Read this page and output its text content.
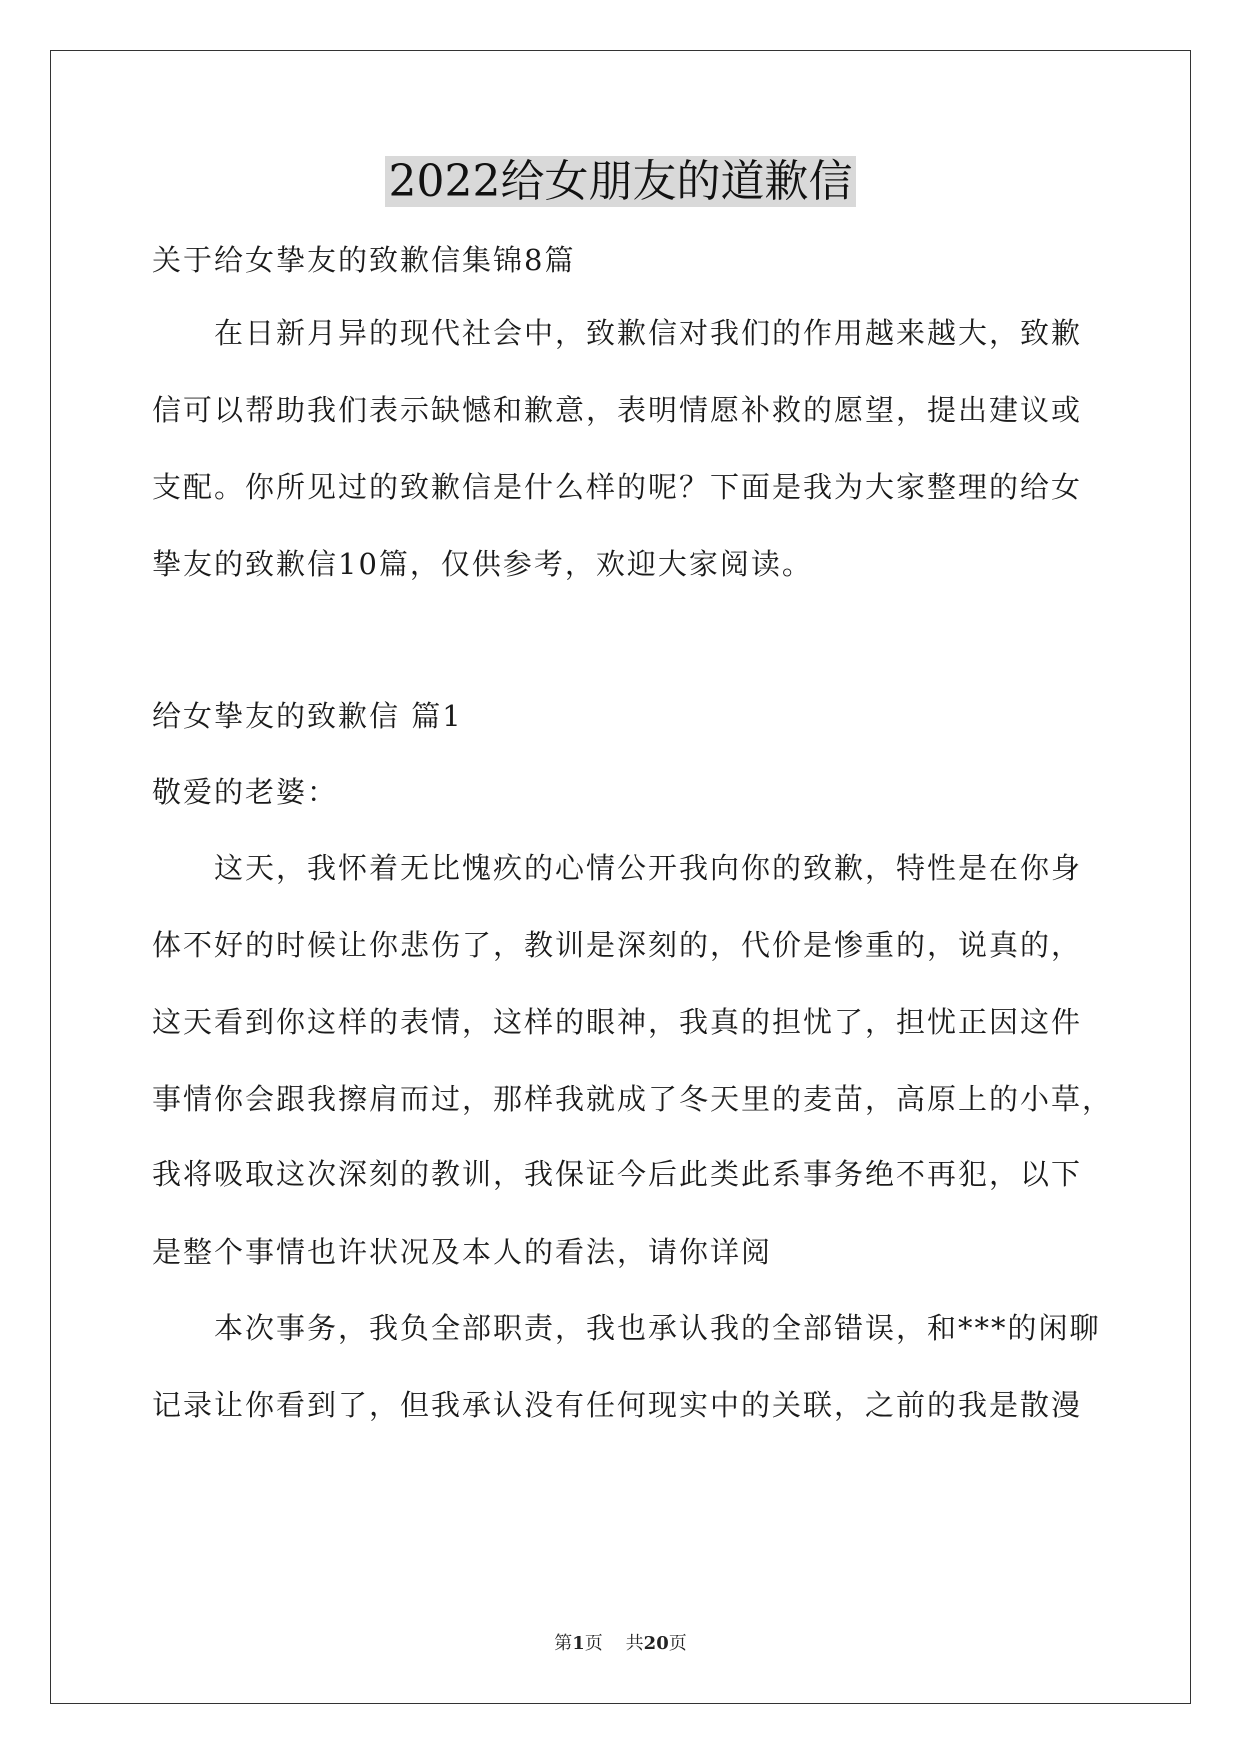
2022给女朋友的道歉信
关于给女挚友的致歉信集锦8篇
　　在日新月异的现代社会中，致歉信对我们的作用越来越大，致歉
信可以帮助我们表示缺憾和歉意，表明情愿补救的愿望，提出建议或
支配。你所见过的致歉信是什么样的呢？下面是我为大家整理的给女
挚友的致歉信10篇，仅供参考，欢迎大家阅读。
给女挚友的致歉信 篇1
敬爱的老婆：
　　这天，我怀着无比愧疚的心情公开我向你的致歉，特性是在你身
体不好的时候让你悲伤了，教训是深刻的，代价是惨重的，说真的，
这天看到你这样的表情，这样的眼神，我真的担忧了，担忧正因这件
事情你会跟我擦肩而过，那样我就成了冬天里的麦苗，高原上的小草，
我将吸取这次深刻的教训，我保证今后此类此系事务绝不再犯，以下
是整个事情也许状况及本人的看法，请你详阅
　　本次事务，我负全部职责，我也承认我的全部错误，和***的闲聊
记录让你看到了，但我承认没有任何现实中的关联，之前的我是散漫
第1页 共20页
